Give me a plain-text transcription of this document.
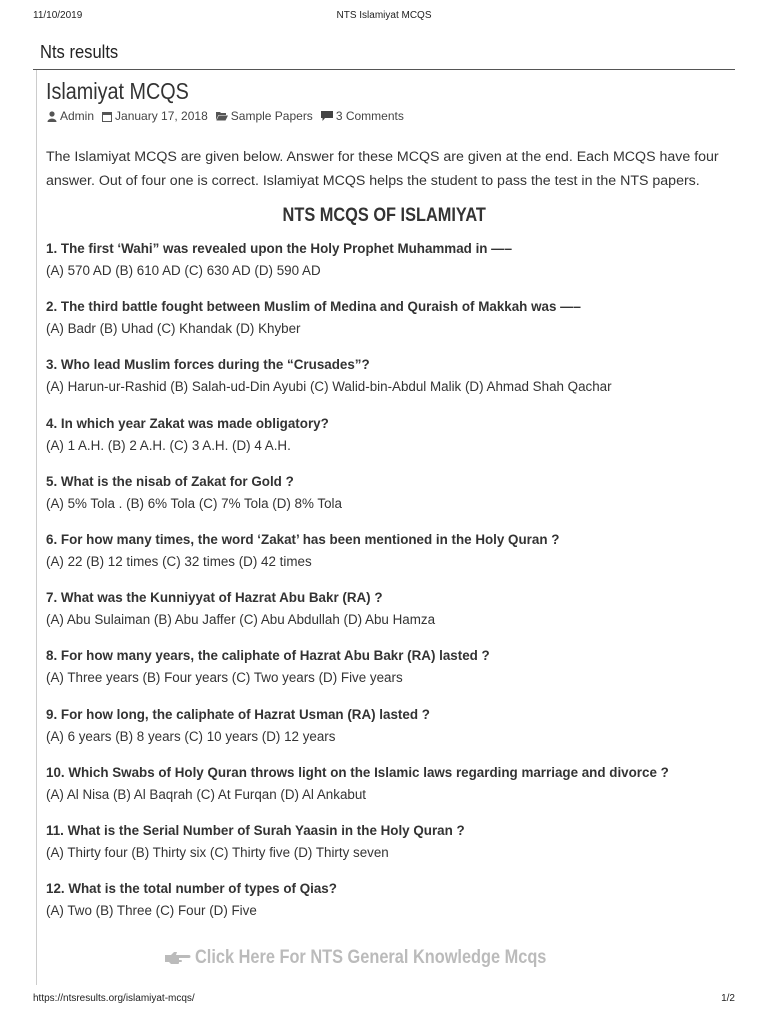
11/10/2019	NTS Islamiyat MCQS
Nts results
Islamiyat MCQS
Admin January 17, 2018 Sample Papers 3 Comments
The Islamiyat MCQS are given below. Answer for these MCQS are given at the end. Each MCQS have four answer. Out of four one is correct. Islamiyat MCQS helps the student to pass the test in the NTS papers.
NTS MCQS OF ISLAMIYAT
1. The first ‘Wahi” was revealed upon the Holy Prophet Muhammad in —–
(A) 570 AD (B) 610 AD (C) 630 AD (D) 590 AD
2. The third battle fought between Muslim of Medina and Quraish of Makkah was —–
(A) Badr (B) Uhad (C) Khandak (D) Khyber
3. Who lead Muslim forces during the “Crusades”?
(A) Harun-ur-Rashid (B) Salah-ud-Din Ayubi (C) Walid-bin-Abdul Malik (D) Ahmad Shah Qachar
4. In which year Zakat was made obligatory?
(A) 1 A.H. (B) 2 A.H. (C) 3 A.H. (D) 4 A.H.
5. What is the nisab of Zakat for Gold ?
(A) 5% Tola . (B) 6% Tola (C) 7% Tola (D) 8% Tola
6. For how many times, the word ‘Zakat’ has been mentioned in the Holy Quran ?
(A) 22 (B) 12 times (C) 32 times (D) 42 times
7. What was the Kunniyyat of Hazrat Abu Bakr (RA) ?
(A) Abu Sulaiman (B) Abu Jaffer (C) Abu Abdullah (D) Abu Hamza
8. For how many years, the caliphate of Hazrat Abu Bakr (RA) lasted ?
(A) Three years (B) Four years (C) Two years (D) Five years
9. For how long, the caliphate of Hazrat Usman (RA) lasted ?
(A) 6 years (B) 8 years (C) 10 years (D) 12 years
10. Which Swabs of Holy Quran throws light on the Islamic laws regarding marriage and divorce ?
(A) Al Nisa (B) Al Baqrah (C) At Furqan (D) Al Ankabut
11. What is the Serial Number of Surah Yaasin in the Holy Quran ?
(A) Thirty four (B) Thirty six (C) Thirty five (D) Thirty seven
12. What is the total number of types of Qias?
(A) Two (B) Three (C) Four (D) Five
Click Here For NTS General Knowledge Mcqs
https://ntsresults.org/islamiyat-mcqs/	1/2
